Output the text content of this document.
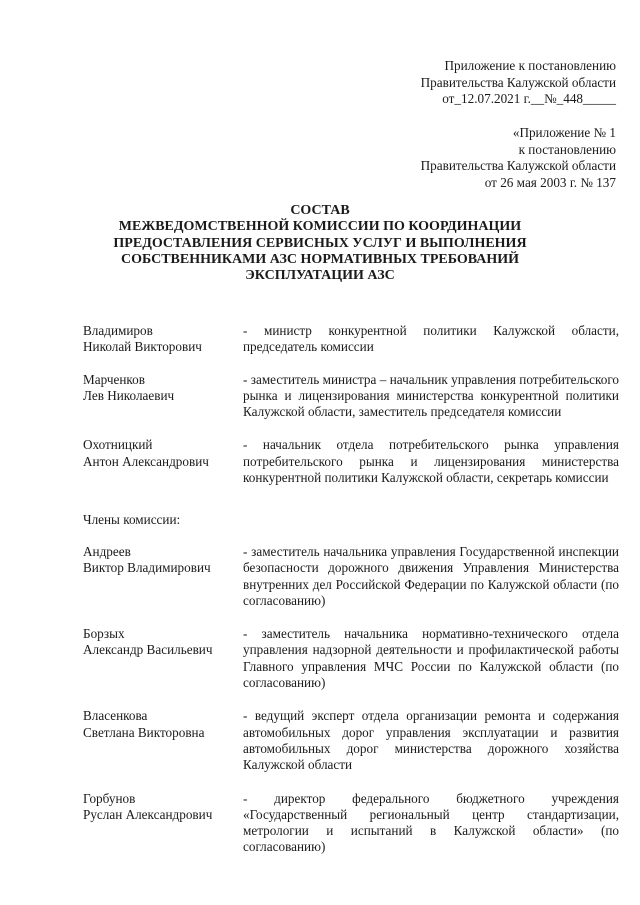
Приложение к постановлению
Правительства Калужской области
от_12.07.2021 г.__№_448_____
«Приложение № 1
к постановлению
Правительства Калужской области
от 26 мая 2003 г. № 137
СОСТАВ
МЕЖВЕДОМСТВЕННОЙ КОМИССИИ ПО КООРДИНАЦИИ
ПРЕДОСТАВЛЕНИЯ СЕРВИСНЫХ УСЛУГ И ВЫПОЛНЕНИЯ
СОБСТВЕННИКАМИ АЗС НОРМАТИВНЫХ ТРЕБОВАНИЙ
ЭКСПЛУАТАЦИИ АЗС
Владимиров
Николай Викторович
- министр конкурентной политики Калужской области, председатель комиссии
Марченков
Лев Николаевич
- заместитель министра – начальник управления потребительского рынка и лицензирования министерства конкурентной политики Калужской области, заместитель председателя комиссии
Охотницкий
Антон Александрович
- начальник отдела потребительского рынка управления потребительского рынка и лицензирования министерства конкурентной политики Калужской области, секретарь комиссии
Члены комиссии:
Андреев
Виктор Владимирович
- заместитель начальника управления Государственной инспекции безопасности дорожного движения Управления Министерства внутренних дел Российской Федерации по Калужской области (по согласованию)
Борзых
Александр Васильевич
- заместитель начальника нормативно-технического отдела управления надзорной деятельности и профилактической работы Главного управления МЧС России по Калужской области (по согласованию)
Власенкова
Светлана Викторовна
- ведущий эксперт отдела организации ремонта и содержания автомобильных дорог управления эксплуатации и развития автомобильных дорог министерства дорожного хозяйства Калужской области
Горбунов
Руслан Александрович
- директор федерального бюджетного учреждения «Государственный региональный центр стандартизации, метрологии и испытаний в Калужской области» (по согласованию)
